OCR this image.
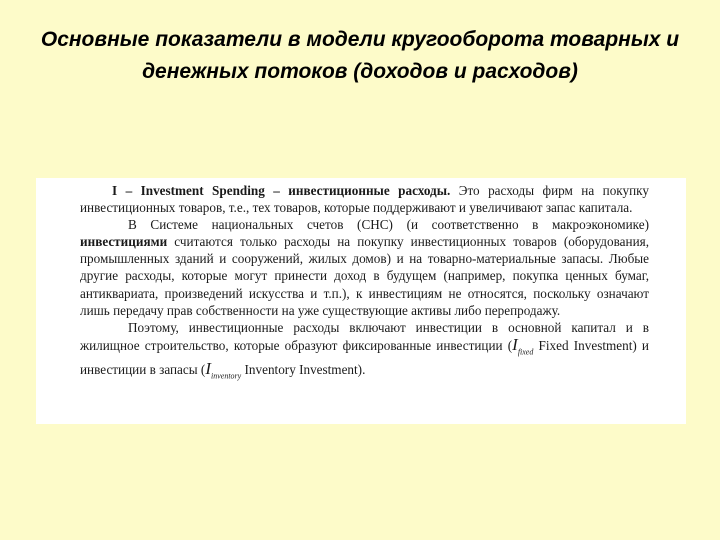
Основные показатели в модели кругооборота товарных и денежных потоков (доходов и расходов)

I – Investment Spending – инвестиционные расходы. Это расходы фирм на покупку инвестиционных товаров, т.е., тех товаров, которые поддерживают и увеличивают запас капитала.

В Системе национальных счетов (СНС) (и соответственно в макроэкономике) инвестициями считаются только расходы на покупку инвестиционных товаров (оборудования, промышленных зданий и сооружений, жилых домов) и на товарно-материальные запасы. Любые другие расходы, которые могут принести доход в будущем (например, покупка ценных бумаг, антиквариата, произведений искусства и т.п.), к инвестициям не относятся, поскольку означают лишь передачу прав собственности на уже существующие активы либо перепродажу.

Поэтому, инвестиционные расходы включают инвестиции в основной капитал и в жилищное строительство, которые образуют фиксированные инвестиции ($I_{fixed}$ Fixed Investment) и инвестиции в запасы ($I_{inventory}$ Inventory Investment).
